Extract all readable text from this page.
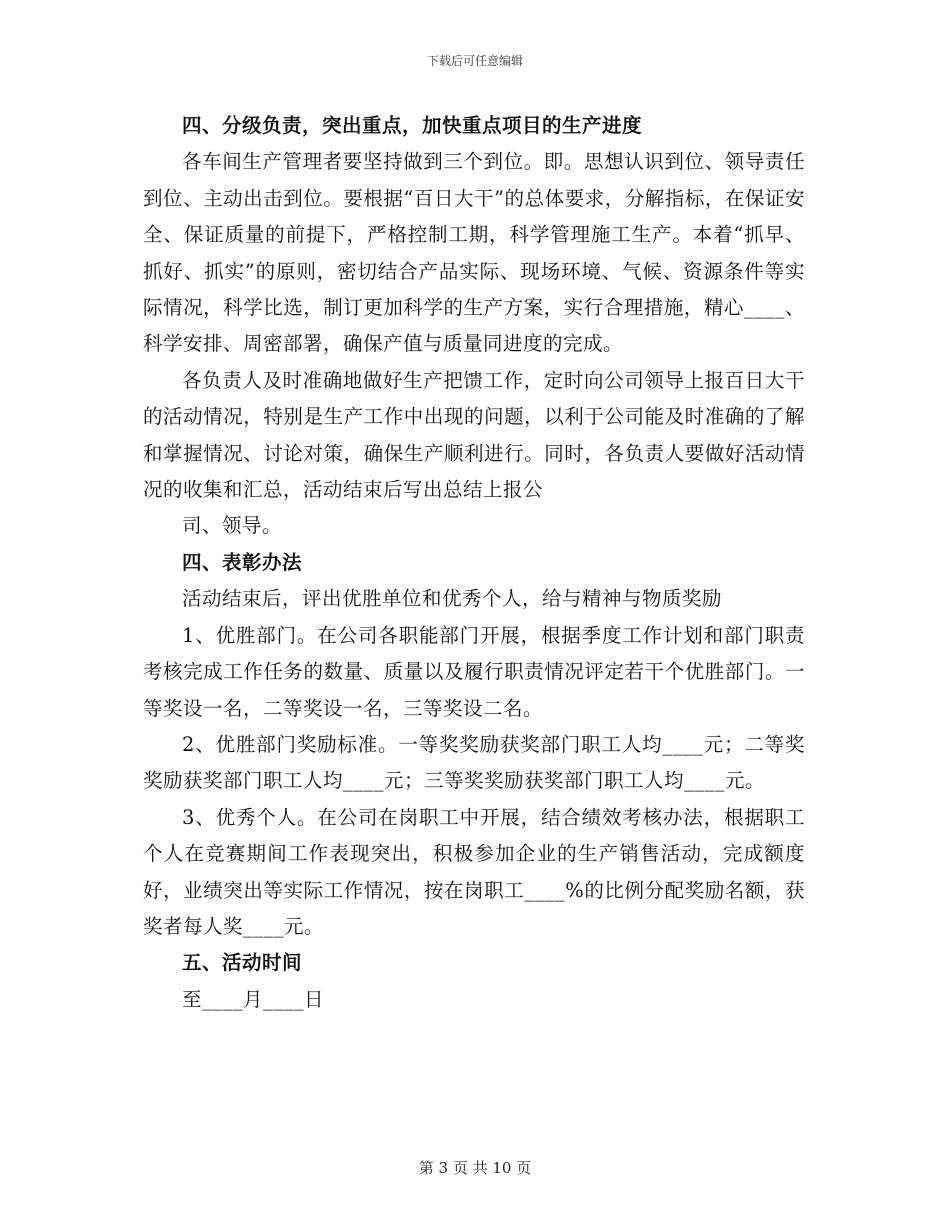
下载后可任意编辑

四、分级负责，突出重点，加快重点项目的生产进度

各车间生产管理者要坚持做到三个到位。即。思想认识到位、领导责任到位、主动出击到位。要根据“百日大干”的总体要求，分解指标，在保证安全、保证质量的前提下，严格控制工期，科学管理施工生产。本着“抓早、抓好、抓实”的原则，密切结合产品实际、现场环境、气候、资源条件等实际情况，科学比选，制订更加科学的生产方案，实行合理措施，精心____、科学安排、周密部署，确保产值与质量同进度的完成。

各负责人及时准确地做好生产把馈工作，定时向公司领导上报百日大干的活动情况，特别是生产工作中出现的问题，以利于公司能及时准确的了解和掌握情况、讨论对策，确保生产顺利进行。同时，各负责人要做好活动情况的收集和汇总，活动结束后写出总结上报公

司、领导。

四、表彰办法

活动结束后，评出优胜单位和优秀个人，给与精神与物质奖励

1、优胜部门。在公司各职能部门开展，根据季度工作计划和部门职责考核完成工作任务的数量、质量以及履行职责情况评定若干个优胜部门。一等奖设一名，二等奖设一名，三等奖设二名。

2、优胜部门奖励标准。一等奖奖励获奖部门职工人均____元；二等奖奖励获奖部门职工人均____元；三等奖奖励获奖部门职工人均____元。

3、优秀个人。在公司在岗职工中开展，结合绩效考核办法，根据职工个人在竞赛期间工作表现突出，积极参加企业的生产销售活动，完成额度好，业绩突出等实际工作情况，按在岗职工____%的比例分配奖励名额，获奖者每人奖____元。

五、活动时间

至____月____日

第 3 页 共 10 页
